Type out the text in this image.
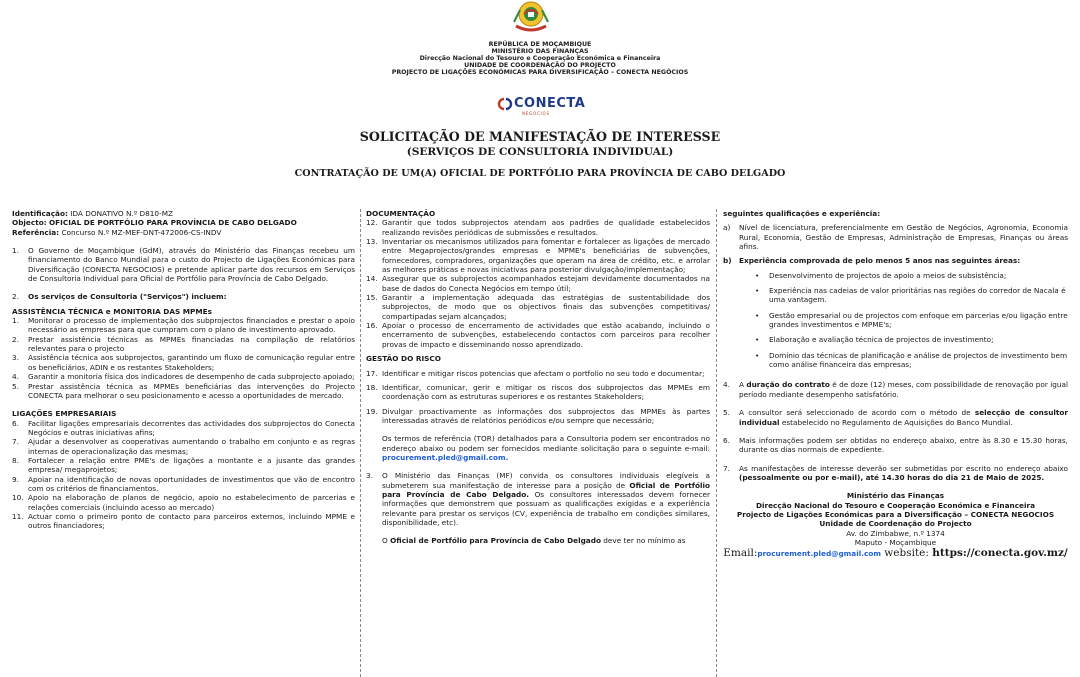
REPÚBLICA DE MOÇAMBIQUE
MINISTÉRIO DAS FINANÇAS
Direcção Nacional do Tesouro e Cooperação Económica e Financeira
UNIDADE DE COORDENAÇÃO DO PROJECTO
PROJECTO DE LIGAÇÕES ECONÓMICAS PARA DIVERSIFICAÇÃO – CONECTA NEGÓCIOS
CONECTA
NEGÓCIOS
SOLICITAÇÃO DE MANIFESTAÇÃO DE INTERESSE
(SERVIÇOS DE CONSULTORIA INDIVIDUAL)
CONTRATAÇÃO DE UM(A) OFICIAL DE PORTFÓLIO PARA PROVÍNCIA DE CABO DELGADO

Identificação: IDA DONATIVO N.º D810-MZ

Objecto: OFICIAL DE PORTFÓLIO PARA PROVÍNCIA DE CABO DELGADO

Referência: Concurso N.º MZ-MEF-DNT-472006-CS-INDV

1.	O Governo de Moçambique (GdM), através do Ministério das Finanças recebeu um financiamento do Banco Mundial para o custo do Projecto de Ligações Económicas para Diversificação (CONECTA NEGOCIOS) e pretende aplicar parte dos recursos em Serviços de Consultoria Individual para Oficial de Portfólio para Província de Cabo Delgado.
2.	Os serviços de Consultoria ("Serviços") incluem:

ASSISTÊNCIA TÉCNICA e MONITORIA DAS MPMEs

1.	Monitorar o processo de implementação dos subprojectos financiados e prestar o apoio necessário as empresas para que cumpram com o plano de investimento aprovado.
2.	Prestar assistência técnicas as MPMEs financiadas na compilação de relatórios relevantes para o projecto
3.	Assistência técnica aos subprojectos, garantindo um fluxo de comunicação regular entre os beneficiários, ADIN e os restantes Stakeholders;
4.	Garantir a monitoria física dos indicadores de desempenho de cada subprojecto apoiado;
5.	Prestar assistência técnica as MPMEs beneficiárias das intervenções do Projecto CONECTA para melhorar o seu posicionamento e acesso a oportunidades de mercado.

LIGAÇÕES EMPRESARIAIS

6.	Facilitar ligações empresariais decorrentes das actividades dos subprojectos do Conecta Negócios e outras iniciativas afins;
7.	Ajudar a desenvolver as cooperativas aumentando o trabalho em conjunto e as regras internas de operacionalização das mesmas;
8.	Fortalecer a relação entre PME's de ligações a montante e a jusante das grandes empresa/ megaprojetos;
9.	Apoiar na identificação de novas oportunidades de investimentos que vão de encontro com os critérios de financiamentos.
10. Apoio na elaboração de planos de negócio, apoio no estabelecimento de parcerias e relações comerciais (incluindo acesso ao mercado)
11. Actuar como o primeiro ponto de contacto para parceiros externos, incluindo MPME e outros financiadores;

DOCUMENTAÇÃO

12. Garantir que todos subprojectos atendam aos padrões de qualidade estabelecidos realizando revisões periódicas de submissões e resultados.
13. Inventariar os mecanismos utilizados para fomentar e fortalecer as ligações de mercado entre Megaprojectos/grandes empresas e MPME's beneficiárias de subvenções, fornecedores, compradores, organizações que operam na área de crédito, etc. e arrolar as melhores práticas e novas iniciativas para posterior divulgação/implementação;
14. Assegurar que os subprojectos acompanhados estejam devidamente documentados na base de dados do Conecta Negócios em tempo útil;
15. Garantir a implementação adequada das estratégias de sustentabilidade dos subprojectos, de modo que os objectivos finais das subvenções competitivas/ compartipadas sejam alcançados;
16. Apoiar o processo de encerramento de actividades que estão acabando, incluindo o encerramento de subvenções, estabelecendo contactos com parceiros para recolher provas de impacto e disseminando nosso aprendizado.

GESTÃO DO RISCO

17. Identificar e mitigar riscos potencias que afectam o portfolio no seu todo e documentar;
18. Identificar, comunicar, gerir e mitigar os riscos dos subprojectos das MPMEs em coordenação com as estruturas superiores e os restantes Stakeholders;
19. Divulgar proactivamente as informações dos subprojectos das MPMEs às partes interessadas através de relatórios periódicos e/ou sempre que necessário;
Os termos de referência (TOR) detalhados para a Consultoria podem ser encontrados no endereço abaixo ou podem ser fornecidos mediante solicitação para o seguinte e-mail: procurement.pled@gmail.com.
3.	O Ministério das Finanças (MF) convida os consultores individuais elegíveis a submeterem sua manifestação de interesse para a posição de Oficial de Portfólio para Província de Cabo Delgado. Os consultores interessados devem fornecer informações que demonstrem que possuam as qualificações exigidas e a experiência relevante para prestar os serviços (CV, experiência de trabalho em condições similares, disponibilidade, etc).
O Oficial de Portfólio para Província de Cabo Delgado deve ter no mínimo as

seguintes qualificações e experiência:

a)	Nível de licenciatura, preferencialmente em Gestão de Negócios, Agronomia, Economia Rural, Economia, Gestão de Empresas, Administração de Empresas, Finanças ou áreas afins.
b)	Experiência comprovada de pelo menos 5 anos nas seguintes áreas:
•	Desenvolvimento de projectos de apoio a meios de subsistência;
•	Experiência nas cadeias de valor prioritárias nas regiões do corredor de Nacala é uma vantagem.
•	Gestão empresarial ou de projectos com enfoque em parcerias e/ou ligação entre grandes investimentos e MPME's;
•	Elaboração e avaliação técnica de projectos de investimento;
•	Domínio das técnicas de planificação e análise de projectos de investimento bem como análise financeira das empresas;
4.	A duração do contrato é de doze (12) meses, com possibilidade de renovação por igual período mediante desempenho satisfatório.
5.	A consultor será seleccionado de acordo com o método de selecção de consultor individual estabelecido no Regulamento de Aquisições do Banco Mundial.
6.	Mais informações podem ser obtidas no endereço abaixo, entre às 8.30 e 15.30 horas, durante os dias normais de expediente.
7.	As manifestações de interesse deverão ser submetidas por escrito no endereço abaixo (pessoalmente ou por e-mail), até 14.30 horas do dia 21 de Maio de 2025.

Ministério das Finanças

Direcção Nacional do Tesouro e Cooperação Económica e Financeira

Projecto de Ligações Económicas para a Diversificação – CONECTA NEGOCIOS

Unidade de Coordenação do Projecto

Av. do Zimbabwe, n.º 1374

Maputo - Moçambique

Email:procurement.pled@gmail.com website: https://conecta.gov.mz/
